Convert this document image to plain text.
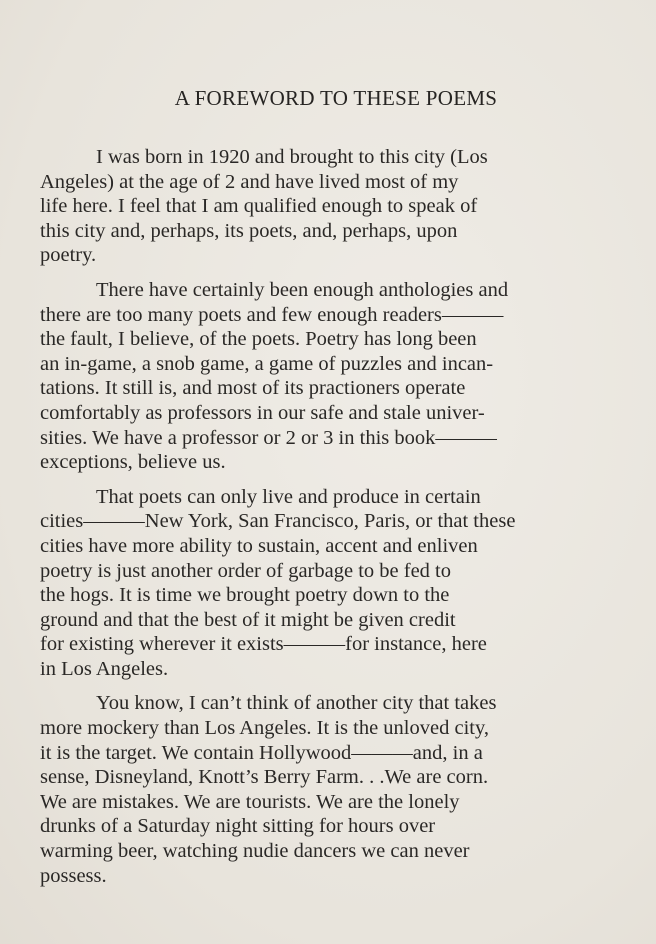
A FOREWORD TO THESE POEMS
I was born in 1920 and brought to this city (Los
Angeles) at the age of 2 and have lived most of my
life here. I feel that I am qualified enough to speak of
this city and, perhaps, its poets, and, perhaps, upon
poetry.
There have certainly been enough anthologies and
there are too many poets and few enough readers———
the fault, I believe, of the poets. Poetry has long been
an in-game, a snob game, a game of puzzles and incan-
tations. It still is, and most of its practioners operate
comfortably as professors in our safe and stale univer-
sities. We have a professor or 2 or 3 in this book———
exceptions, believe us.
That poets can only live and produce in certain
cities———New York, San Francisco, Paris, or that these
cities have more ability to sustain, accent and enliven
poetry is just another order of garbage to be fed to
the hogs. It is time we brought poetry down to the
ground and that the best of it might be given credit
for existing wherever it exists———for instance, here
in Los Angeles.
You know, I can’t think of another city that takes
more mockery than Los Angeles. It is the unloved city,
it is the target. We contain Hollywood———and, in a
sense, Disneyland, Knott’s Berry Farm. . .We are corn.
We are mistakes. We are tourists. We are the lonely
drunks of a Saturday night sitting for hours over
warming beer, watching nudie dancers we can never
possess.
